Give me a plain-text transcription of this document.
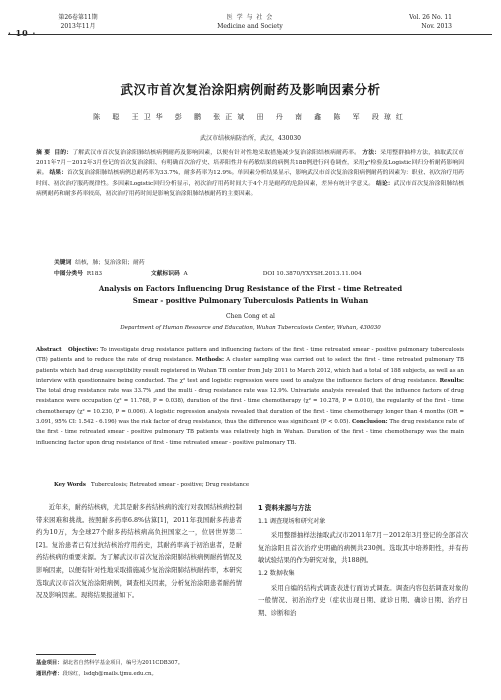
第26卷第11期
2013年11月
· 10 ·
医 学 与 社 会
Medicine and Society
Vol. 26 No. 11
Nov. 2013
武汉市首次复治涂阳病例耐药及影响因素分析
陈 聪 王卫华 彭 鹏 张正斌 田 丹 南 鑫 陈 军 段琼红
武汉市结核病防治所，武汉，430030
摘 要 目的：了解武汉市首次复治涂阳肺结核病例耐药及影响因素，以便有针对性地采取措施减少复治涂阳结核病耐药率。 方法：采用整群抽样方法，抽取武汉市2011年7月－2012年3月登记的首次复治涂阳、有明确首次治疗史、培养阳性并有药敏结果的病例共188例进行问卷调查，采用χ²检验及Logistic回归分析耐药影响因素。 结果：首次复治涂阳肺结核病例总耐药率为33.7%，耐多药率为12.9%。单因素分析结果显示，影响武汉市首次复治涂阳病例耐药的因素为：职业、初次治疗用药时间、初次治疗服药规律性。多因素Logistic回归分析显示，初次治疗用药时间大于4个月是耐药的危险因素，差异有统计学意义。 结论：武汉市首次复治涂阳肺结核病例耐药和耐多药率较高，初次治疗用药时间是影响复治涂阳肺结核耐药的主要因素。
关键词 结核，肺；复治涂阳；耐药
中图分类号 R183	文献标识码 A	DOI 10.3870/YXYSH.2013.11.004
Analysis on Factors Influencing Drug Resistance of the First - time Retreated
Smear - positive Pulmonary Tuberculosis Patients in Wuhan
Chen Cong et al
Department of Human Resource and Education, Wuhan Tuberculosis Center, Wuhan, 430030
Abstract Objective: To investigate drug resistance pattern and influencing factors of the first - time retreated smear - positive pulmonary tuberculosis (TB) patients and to reduce the rate of drug resistance. Methods: A cluster sampling was carried out to select the first - time retreated pulmonary TB patients which had drug susceptibility result registered in Wuhan TB center from July 2011 to March 2012, which had a total of 188 subjects, as well as an interview with questionnaire being conducted. The χ² test and logistic regression were used to analyze the influence factors of drug resistance. Results: The total drug resistance rate was 33.7% ,and the multi - drug resistance rate was 12.9%. Univariate analysis revealed that the influence factors of drug resistance were occupation (χ² = 11.768, P = 0.038), duration of the first - time chemotherapy (χ² = 10.278, P = 0.010), the regularity of the first - time chemotherapy (χ² = 10.230, P = 0.006). A logistic regression analysis revealed that duration of the first - time chemotherapy longer than 4 months (OR = 3.091, 95% CI: 1.542 - 6.196) was the risk factor of drug resistance, thus the difference was significant (P < 0.05). Conclusion: The drug resistance rate of the first - time retreated smear - positive pulmonary TB patients was relatively high in Wuhan. Duration of the first - time chemotherapy was the main influencing factor upon drug resistance of first - time retreated smear - positive pulmonary TB.
Key Words Tuberculosis; Retreated smear - positive; Drug resistance

近年来，耐药结核病，尤其是耐多药结核病的流行对我国结核病控制带来困难和挑战。按照耐多药率6.8%估算[1]，2011年我国耐多药患者约为10万，为全球27个耐多药结核病高负担国家之一，位居世界第二[2]。复治患者已有过抗结核治疗用药史，其耐药率高于初治患者，是耐药结核病的重要来源。为了解武汉市首次复治涂阳肺结核病例耐药情况及影响因素，以便有针对性地采取措施减少复治涂阳肺结核耐药率，本研究选取武汉市首次复治涂阳病例，调查相关因素，分析复治涂阳患者耐药情况及影响因素。现将结果报道如下。

1 资料来源与方法
1.1 调查现场和研究对象

采用整群抽样法抽取武汉市2011年7月－2012年3月登记的全部首次复治涂阳且首次治疗史明确的病例共230例。选取其中培养阳性，并有药敏试验结果的作为研究对象，共188例。

1.2 数据收集

采用自编的结构式调查表进行面访式调查。调查内容包括调查对象的一般情况、初治治疗史（症状出现日期、就诊日期、确诊日期、治疗日期、诊断和治

基金项目：湖北省自然科学基金项目，编号为2011CDB307。
通讯作者：段琼红，lsdqh@mails.tjmu.edu.cn。
